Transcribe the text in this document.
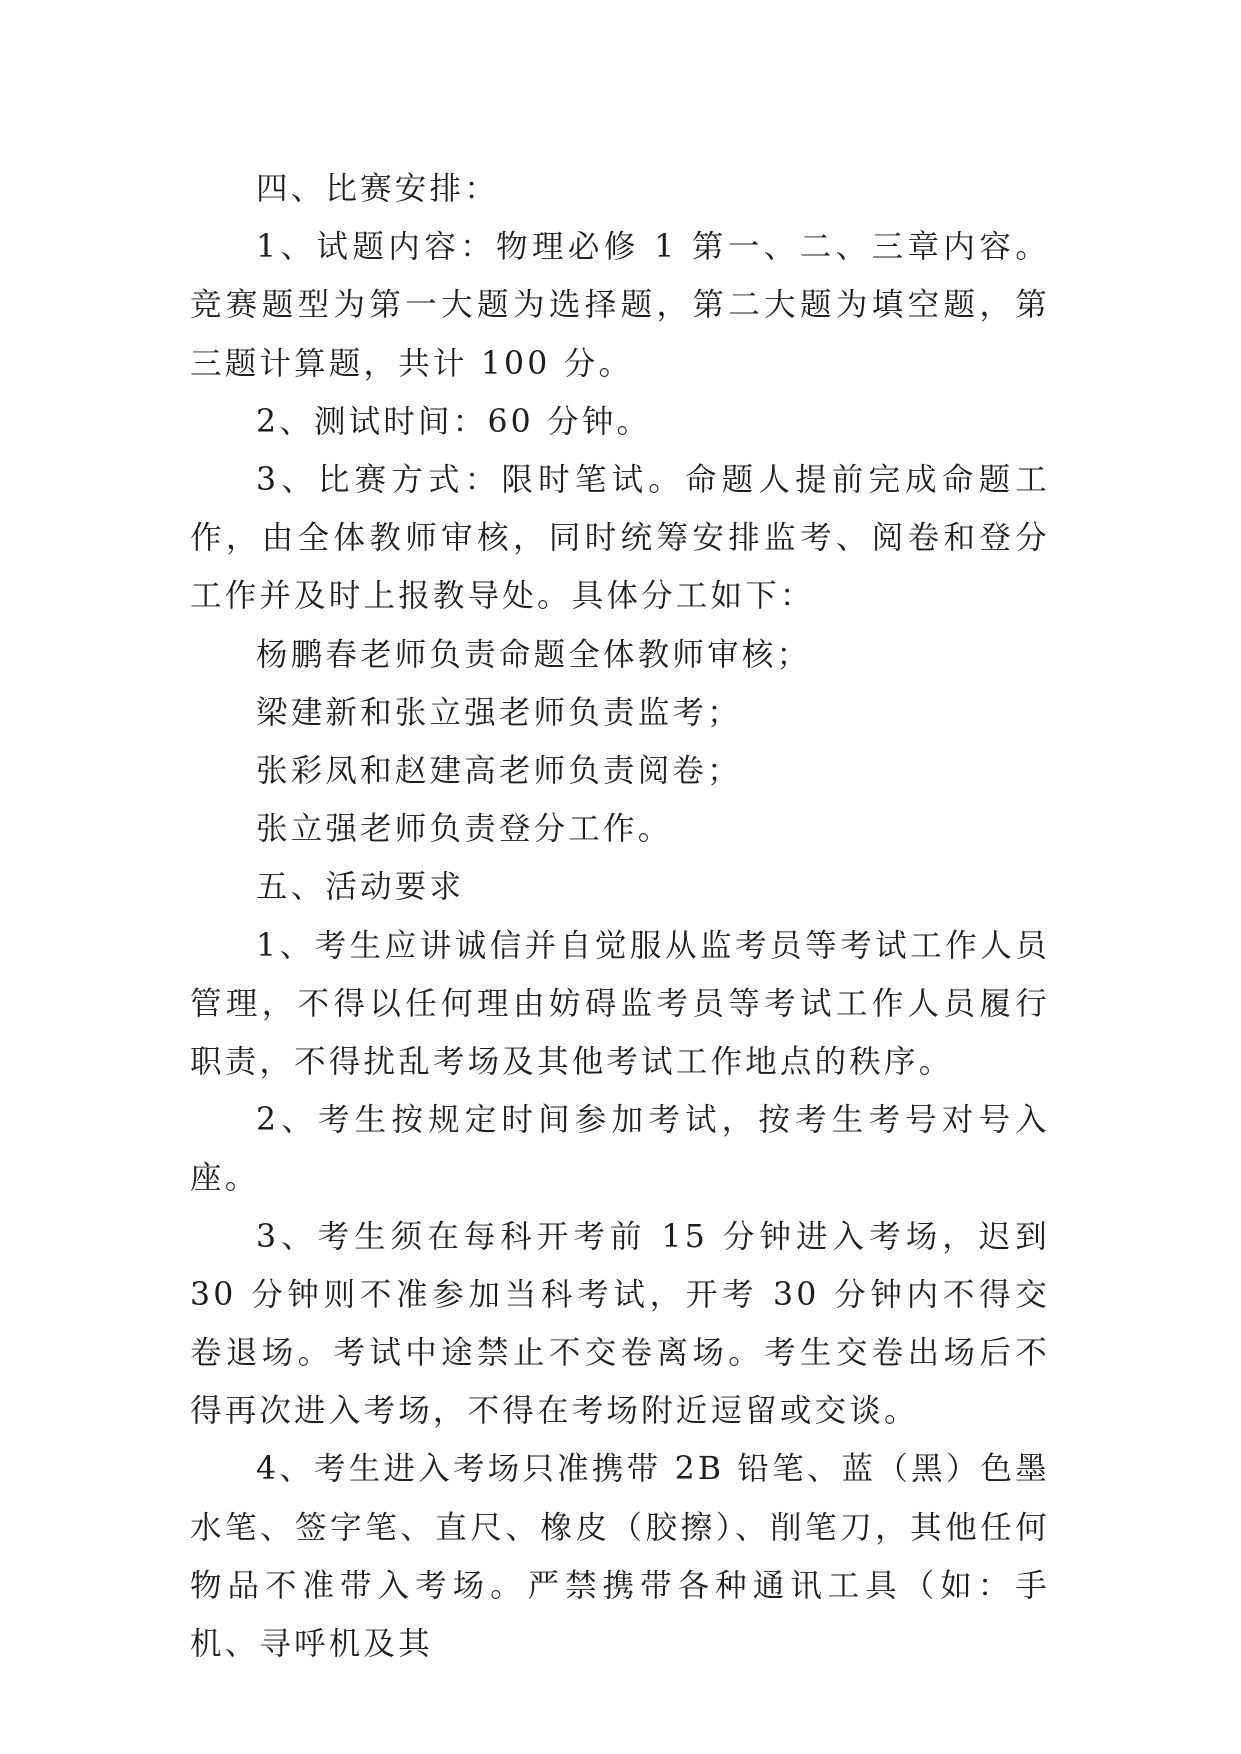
四、比赛安排：

1、试题内容：物理必修 1 第一、二、三章内容。竞赛题型为第一大题为选择题，第二大题为填空题，第三题计算题，共计 100 分。

2、测试时间：60 分钟。

3、比赛方式：限时笔试。命题人提前完成命题工作，由全体教师审核，同时统筹安排监考、阅卷和登分工作并及时上报教导处。具体分工如下：

杨鹏春老师负责命题全体教师审核；

梁建新和张立强老师负责监考；

张彩凤和赵建高老师负责阅卷；

张立强老师负责登分工作。

五、活动要求

1、考生应讲诚信并自觉服从监考员等考试工作人员管理，不得以任何理由妨碍监考员等考试工作人员履行职责，不得扰乱考场及其他考试工作地点的秩序。

2、考生按规定时间参加考试，按考生考号对号入座。

3、考生须在每科开考前 15 分钟进入考场，迟到 30 分钟则不准参加当科考试，开考 30 分钟内不得交卷退场。考试中途禁止不交卷离场。考生交卷出场后不得再次进入考场，不得在考场附近逗留或交谈。

4、考生进入考场只准携带 2B 铅笔、蓝（黑）色墨水笔、签字笔、直尺、橡皮（胶擦）、削笔刀，其他任何物品不准带入考场。严禁携带各种通讯工具（如：手机、寻呼机及其
